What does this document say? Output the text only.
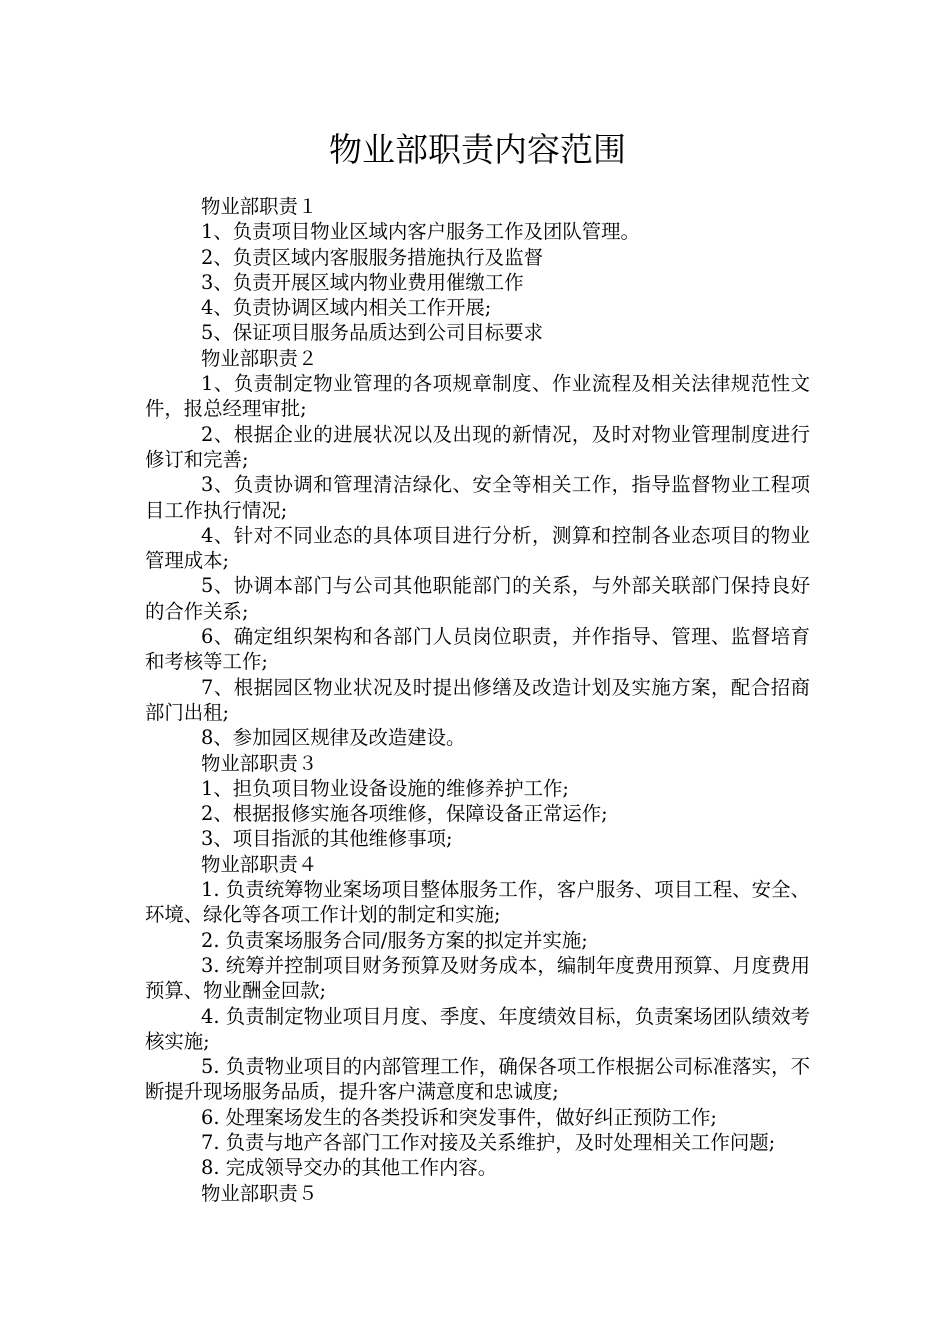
物业部职责内容范围

物业部职责１

1、负责项目物业区域内客户服务工作及团队管理。

2、负责区域内客服服务措施执行及监督

3、负责开展区域内物业费用催缴工作

4、负责协调区域内相关工作开展;

5、保证项目服务品质达到公司目标要求

物业部职责２

1、负责制定物业管理的各项规章制度、作业流程及相关法律规范性文件，报总经理审批;

2、根据企业的进展状况以及出现的新情况，及时对物业管理制度进行修订和完善;

3、负责协调和管理清洁绿化、安全等相关工作，指导监督物业工程项目工作执行情况;

4、针对不同业态的具体项目进行分析，测算和控制各业态项目的物业管理成本;

5、协调本部门与公司其他职能部门的关系，与外部关联部门保持良好的合作关系;

6、确定组织架构和各部门人员岗位职责，并作指导、管理、监督培育和考核等工作;

7、根据园区物业状况及时提出修缮及改造计划及实施方案，配合招商部门出租;

8、参加园区规律及改造建设。

物业部职责３

1、担负项目物业设备设施的维修养护工作;

2、根据报修实施各项维修，保障设备正常运作;

3、项目指派的其他维修事项;

物业部职责４

1. 负责统筹物业案场项目整体服务工作，客户服务、项目工程、安全、环境、绿化等各项工作计划的制定和实施;

2. 负责案场服务合同/服务方案的拟定并实施;

3. 统筹并控制项目财务预算及财务成本，编制年度费用预算、月度费用预算、物业酬金回款;

4. 负责制定物业项目月度、季度、年度绩效目标，负责案场团队绩效考核实施;

5. 负责物业项目的内部管理工作，确保各项工作根据公司标准落实，不断提升现场服务品质，提升客户满意度和忠诚度;

6. 处理案场发生的各类投诉和突发事件，做好纠正预防工作;

7. 负责与地产各部门工作对接及关系维护，及时处理相关工作问题;

8. 完成领导交办的其他工作内容。

物业部职责５
